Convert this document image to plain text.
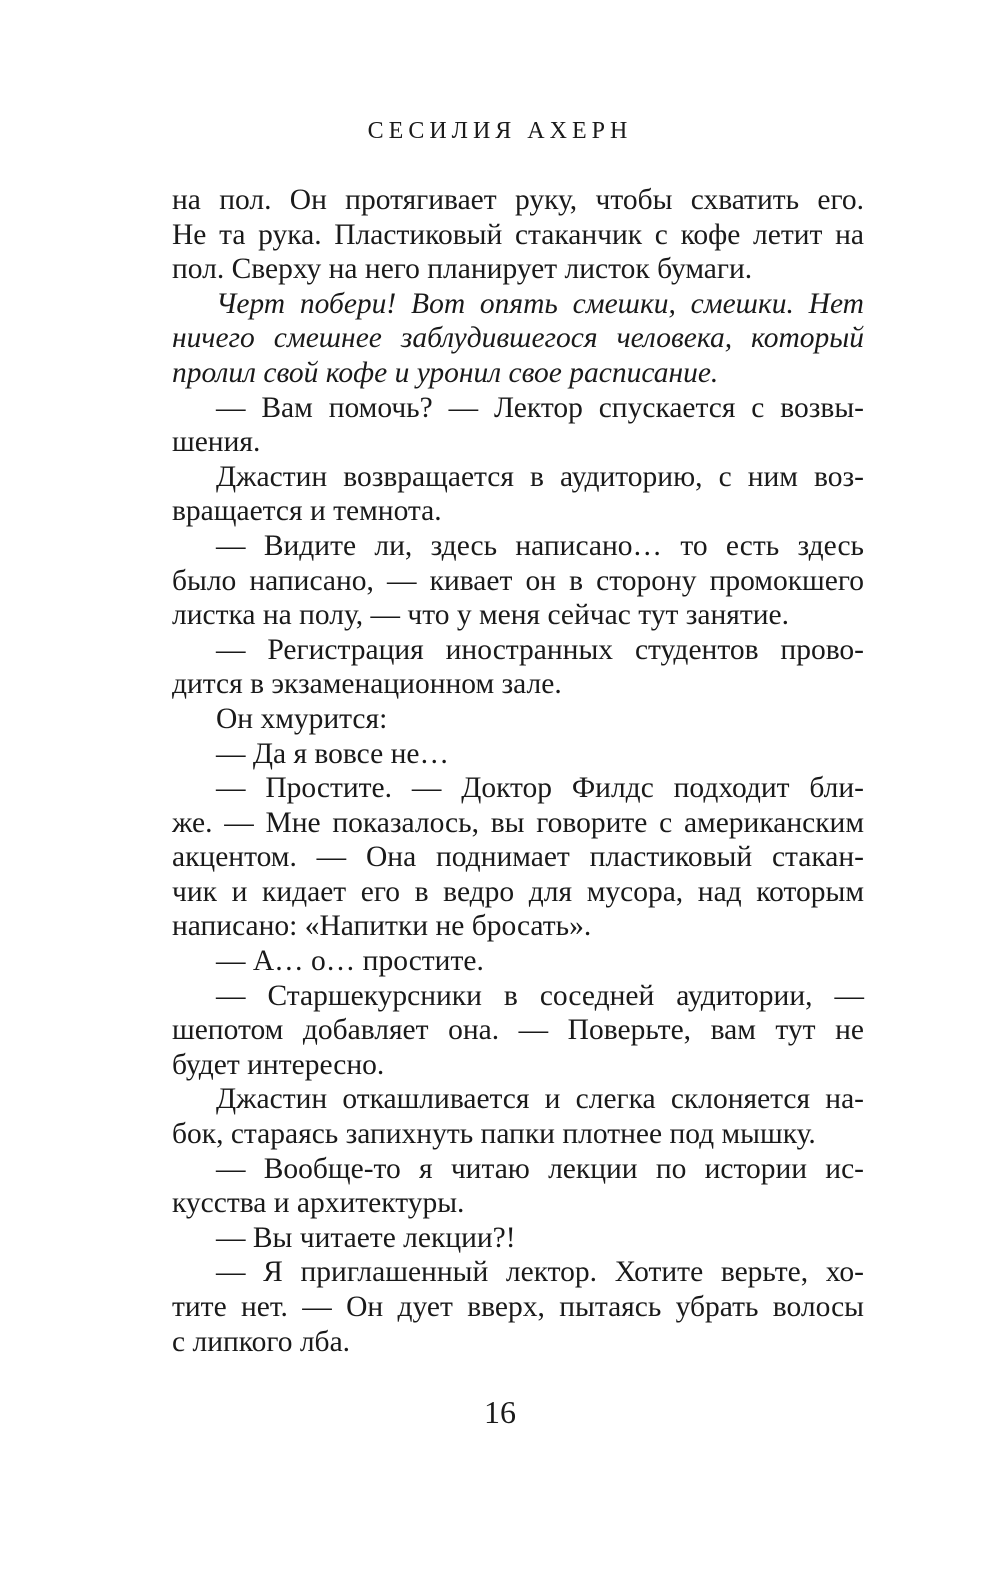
СЕСИЛИЯ АХЕРН
на пол. Он протягивает руку, чтобы схватить его.
Не та рука. Пластиковый стаканчик с кофе летит на
пол. Сверху на него планирует листок бумаги.
Черт побери! Вот опять смешки, смешки. Нет
ничего смешнее заблудившегося человека, который
пролил свой кофе и уронил свое расписание.
— Вам помочь? — Лектор спускается с возвы-
шения.
Джастин возвращается в аудиторию, с ним воз-
вращается и темнота.
— Видите ли, здесь написано… то есть здесь
было написано, — кивает он в сторону промокшего
листка на полу, — что у меня сейчас тут занятие.
— Регистрация иностранных студентов прово-
дится в экзаменационном зале.
Он хмурится:
— Да я вовсе не…
— Простите. — Доктор Филдс подходит бли-
же. — Мне показалось, вы говорите с американским
акцентом. — Она поднимает пластиковый стакан-
чик и кидает его в ведро для мусора, над которым
написано: «Напитки не бросать».
— А… о… простите.
— Старшекурсники в соседней аудитории, —
шепотом добавляет она. — Поверьте, вам тут не
будет интересно.
Джастин откашливается и слегка склоняется на-
бок, стараясь запихнуть папки плотнее под мышку.
— Вообще-то я читаю лекции по истории ис-
кусства и архитектуры.
— Вы читаете лекции?!
— Я приглашенный лектор. Хотите верьте, хо-
тите нет. — Он дует вверх, пытаясь убрать волосы
с липкого лба.
16
